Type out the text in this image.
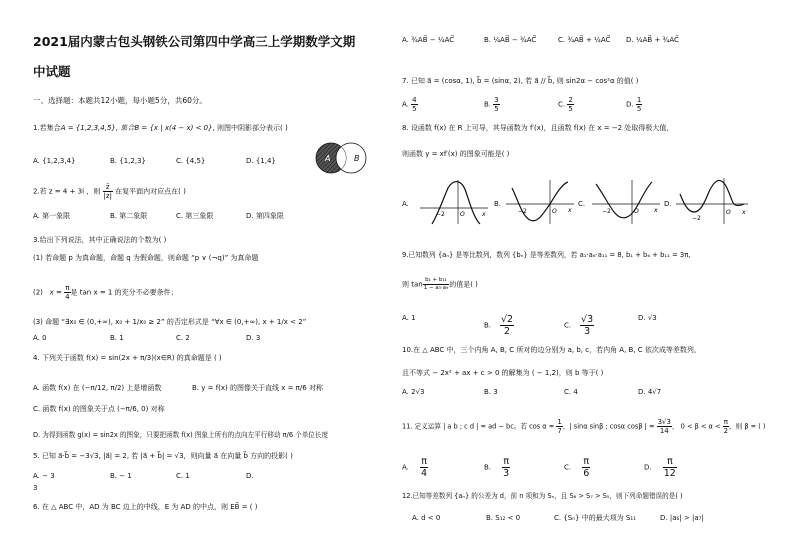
2021届内蒙古包头钢铁公司第四中学高三上学期数学文期
中试题
一、选择题：本题共12小题，每小题5分，共60分。
1.若集合A = {1,2,3,4,5}, 集合B = {x | x(4 − x) < 0}, 则图中阴影部分表示( )
A	B
A. {1,2,3,4}	B. {1,2,3}	C. {4,5}	D. {1,4}
2.若 z = 4 + 3i ，则 $\frac{z̄}{|z|}$ 在复平面内对应点在( )
A. 第一象限	B. 第二象限	C. 第三象限	D. 第四象限
3.给出下列说法，其中正确说法的个数为( )
(1) 若命题 p 为真命题，命题 q 为假命题，则命题 “p ∨ (¬q)” 为真命题
(2) $x = \frac{\pi}{4}$ 是 tan x = 1 的充分不必要条件；
(3) 命题 “∃x₀ ∈ (0,+∞), x₀ + 1/x₀ ≥ 2” 的否定形式是 “∀x ∈ (0,+∞), x + 1/x < 2”
A. 0	B. 1	C. 2	D. 3
4. 下列关于函数 f(x) = sin(2x + π/3)(x∈R) 的真命题是 ( )
A. 函数 f(x) 在 (−π/12, π/2) 上是增函数	B. y = f(x) 的图像关于直线 x = π/6 对称
C. 函数 f(x) 的图象关于点 (−π/6, 0) 对称
D. 为得到函数 g(x) = sin2x 的图象，只要把函数 f(x) 图象上所有的点向左平行移动 π/6 个单位长度
5. 已知 a⃗·b⃗ = −3√3, |a⃗| = 2, 若 |a⃗ + b⃗| = √3，则向量 a⃗ 在向量 b⃗ 方向的投影( )
A. − 3	B. − 1	C. 1	D.
3
6. 在 △ ABC 中，AD 为 BC 边上的中线，E 为 AD 的中点，则 EB⃗ = ( )
A. ¾AB⃗ − ¼AC⃗	B. ¼AB⃗ − ¾AC⃗	C. ¾AB⃗ + ¼AC⃗ D. ¼AB⃗ + ¾AC⃗
7. 已知 a⃗ = (cosα, 1), b⃗ = (sinα, 2), 若 a⃗ // b⃗, 则 sin2α − cos²α 的值( )
A. $\frac{4}{5}$	B. $\frac{3}{5}$	C. $\frac{2}{5}$	D. $\frac{1}{5}$
8. 设函数 f(x) 在 R 上可导，其导函数为 f′(x)，且函数 f(x) 在 x = −2 处取得极大值，
则函数 y = xf′(x) 的图象可能是( )
A.
−2	O	x
B.
−2	O x
C.
−2	O	x
D.
−2
O x
9.已知数列 {aₙ} 是等比数列，数列 {bₙ} 是等差数列，若 a₁·a₆·a₁₁ = 8, b₁ + b₆ + b₁₁ = 3π,
则 $\tan \frac{\text{b₁ + b₁₁}}{\text{1 − a₃·a₉}}$ 的值是( )
A. 1
B. $\frac{√2}{2}$	C. $\frac{√3}{3}$	D. √3
10.在 △ ABC 中，三个内角 A, B, C 所对的边分别为 a, b, c，若内角 A, B, C 依次成等差数列，
且不等式 − 2x² + ax + c > 0 的解集为 ( − 1,2)，则 b 等于( )
A. 2√3	B. 3	C. 4	D. 4√7
11. 定义运算 | a b ; c d | = ad − bc。若 $\cos \alpha = \frac{1}{7}$ ，| sinα sinβ ; cosα cosβ | = $\frac{3√3}{14}$ ， $0 < \beta < \alpha < \frac{\pi}{2}$ ，则 β = ( )
A. $\frac{\pi}{4}$	B. $\frac{\pi}{3}$	C. $\frac{\pi}{6}$	D. $\frac{\pi}{12}$
12.已知等差数列 {aₙ} 的公差为 d，前 n 项和为 Sₙ，且 S₆ > S₇ > S₅，则下列命题错误的是( )
A. d < 0	B. S₁₂ < 0	C. {Sₙ} 中的最大项为 S₁₁	D. |a₆| > |a₇|
